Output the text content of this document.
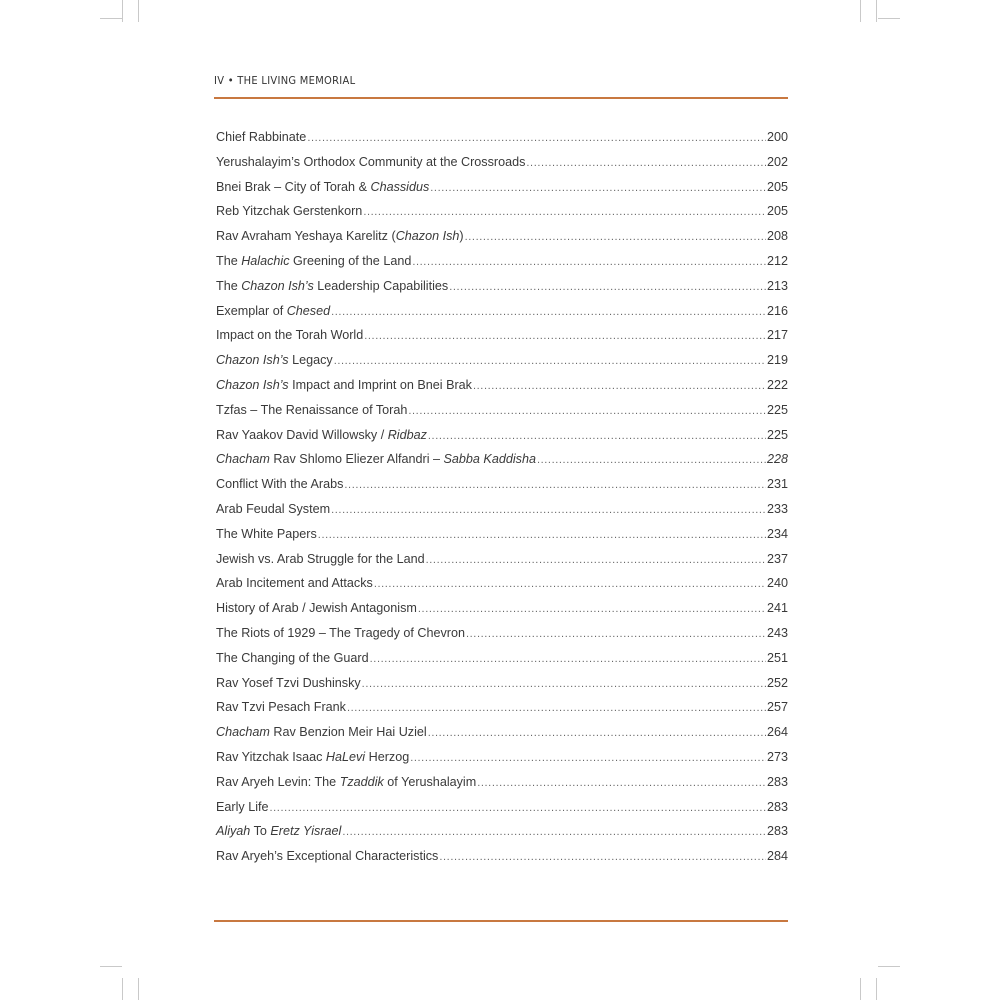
IV • THE LIVING MEMORIAL
Chief Rabbinate .....	200
Yerushalayim’s Orthodox Community at the Crossroads .....	202
Bnei Brak – City of Torah & Chassidus .....	205
Reb Yitzchak Gerstenkorn .....	205
Rav Avraham Yeshaya Karelitz (Chazon Ish) .....	208
The Halachic Greening of the Land .....	212
The Chazon Ish’s Leadership Capabilities .....	213
Exemplar of Chesed .....	216
Impact on the Torah World .....	217
Chazon Ish’s Legacy .....	219
Chazon Ish’s Impact and Imprint on Bnei Brak .....	222
Tzfas – The Renaissance of Torah .....	225
Rav Yaakov David Willowsky / Ridbaz .....	225
Chacham Rav Shlomo Eliezer Alfandri – Sabba Kaddisha .....	228
Conflict With the Arabs .....	231
Arab Feudal System .....	233
The White Papers .....	234
Jewish vs. Arab Struggle for the Land .....	237
Arab Incitement and Attacks .....	240
History of Arab / Jewish Antagonism .....	241
The Riots of 1929 – The Tragedy of Chevron .....	243
The Changing of the Guard .....	251
Rav Yosef Tzvi Dushinsky .....	252
Rav Tzvi Pesach Frank .....	257
Chacham Rav Benzion Meir Hai Uziel .....	264
Rav Yitzchak Isaac HaLevi Herzog .....	273
Rav Aryeh Levin: The Tzaddik of Yerushalayim .....	283
Early Life .....	283
Aliyah To Eretz Yisrael .....	283
Rav Aryeh’s Exceptional Characteristics .....	284
